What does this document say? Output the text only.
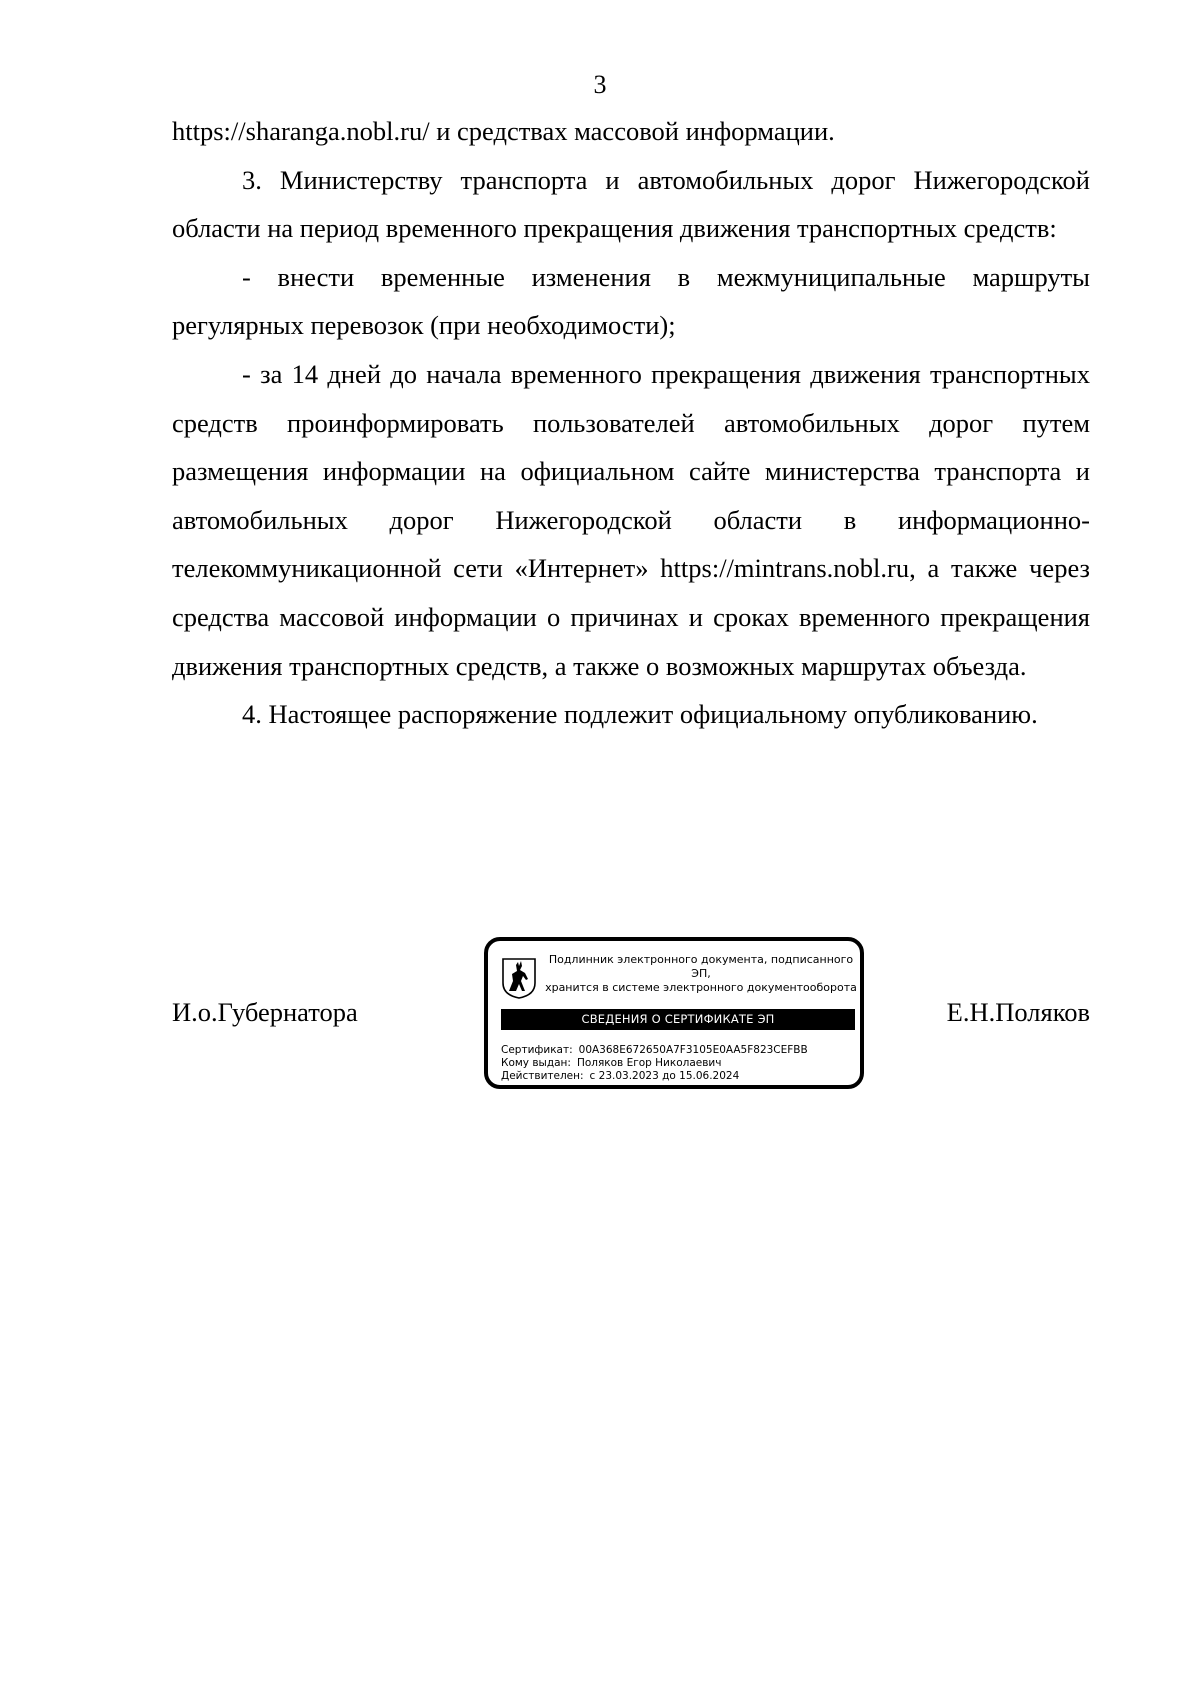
3

https://sharanga.nobl.ru/ и средствах массовой информации.

3. Министерству транспорта и автомобильных дорог Нижегородской области на период временного прекращения движения транспортных средств:

- внести временные изменения в межмуниципальные маршруты регулярных перевозок (при необходимости);

- за 14 дней до начала временного прекращения движения транспортных средств проинформировать пользователей автомобильных дорог путем размещения информации на официальном сайте министерства транспорта и автомобильных дорог Нижегородской области в информационно-телекоммуникационной сети «Интернет» https://mintrans.nobl.ru, а также через средства массовой информации о причинах и сроках временного прекращения движения транспортных средств, а также о возможных маршрутах объезда.

4. Настоящее распоряжение подлежит официальному опубликованию.

И.о.Губернатора
Подлинник электронного документа, подписанного ЭП,
хранится в системе электронного документооборота
СВЕДЕНИЯ О СЕРТИФИКАТЕ ЭП
Сертификат: 00A368E672650A7F3105E0AA5F823CEFBB
Кому выдан: Поляков Егор Николаевич
Действителен: с 23.03.2023 до 15.06.2024
Е.Н.Поляков
